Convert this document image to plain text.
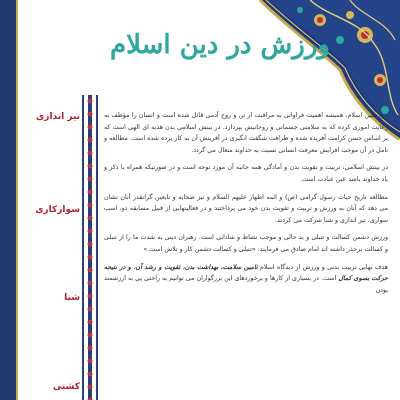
ورزش در دين اسلام
تیر اندازی
سوارکاری
شنا
کشتی

دین مبین اسلام، همیشه اهمیت فراوانی به مراقبت از تن و روح آدمی قائل شده است و انسان را مؤظف به رعایت اموری کرده که به سلامتی جسمانی و روحانیش بپردازد. در بینش اسلامی بدن هدیه ای الهی است که بر اساس حسن کرامت آفریده شده و ظرافت شگفت انگیزی در آفرینش آن به کار برده شده است. مطالعه و تامل در آن موجب افزایش معرفت انسانی نسبت به خداوند متعال می گردد.

در بینش اسلامی، تربیت و تقویت بدن و آمادگی همه جانبه آن مورد توجه است و در صورتیکه همراه با ذکر و یاد خداوند باشد عین عبادت است.

مطالعه تاریخ حیات رسول گرامی (ص) و ائمه اطهار علیهم السلام و نیز صحابه و تابعین گرانقدر آنان نشان می دهد که آنان به ورزش و تربیت و تقویت بدن خود می پرداختند و در فعالیتهایی از قبیل مسابقه دو، اسب سواری، تیر اندازی و شنا شرکت می کردند.

ورزش دشمن کسالت و تنبلی و بد حالی و موجب نشاط و شادابی است. رهبران دینی به شدت ما را از تنبلی و کسالت برحذر داشته اند امام صادق می فرمایند: «تنبلی و کسالت دشمن کار و تلاش است.»

هدف نهایی تربیت بدنی و ورزش از دیدگاه اسلام تامین سلامت، بهداشت بدن، تقویت و رشد آن، و در نتیجه حرکت بسوی کمال است. در بسیاری از کارها و برخوردهای این بزرگواران می توانیم به راحتی پی به ارزشمند بودن
